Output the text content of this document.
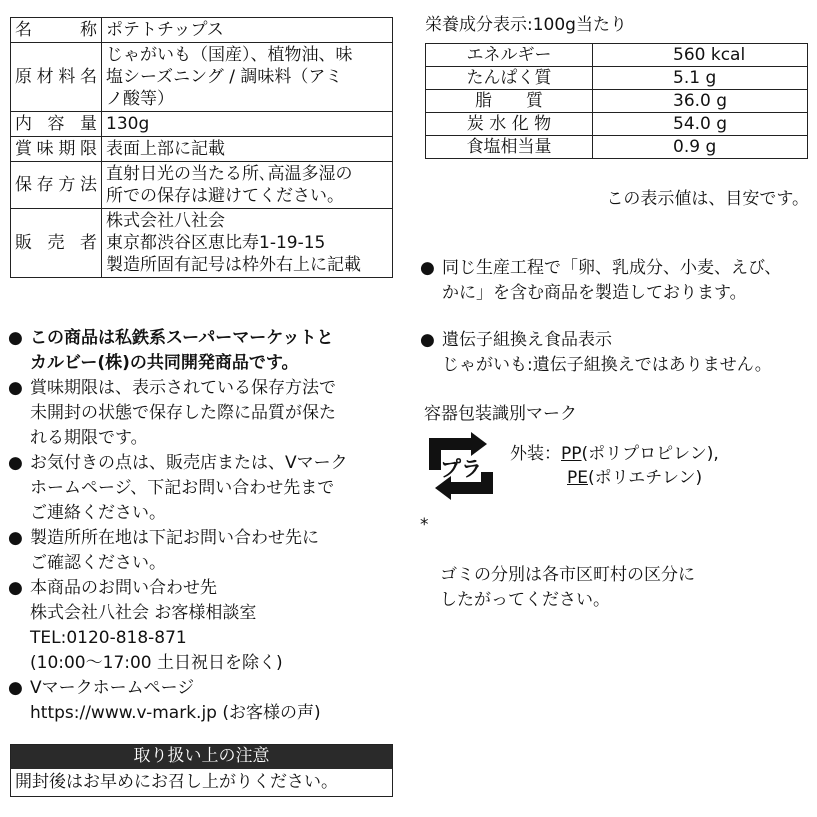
名　称	ポテトチップス
原材料名	じゃがいも（国産）、植物油、味
塩シーズニング / 調味料（アミ
ノ酸等）
内容量	130g
賞味期限	表面上部に記載
保存方法	直射日光の当たる所､高温多湿の
所での保存は避けてください。
販売者	株式会社八社会
東京都渋谷区恵比寿1-19-15
製造所固有記号は枠外右上に記載
● この商品は私鉄系スーパーマーケットと
カルビー(株)の共同開発商品です。
● 賞味期限は、表示されている保存方法で
未開封の状態で保存した際に品質が保た
れる期限です。
● お気付きの点は、販売店または、Vマーク
ホームページ、下記お問い合わせ先まで
ご連絡ください。
● 製造所所在地は下記お問い合わせ先に
ご確認ください。
● 本商品のお問い合わせ先
株式会社八社会 お客様相談室
TEL:0120-818-871
(10:00～17:00 土日祝日を除く)
● Vマークホームページ
https://www.v-mark.jp (お客様の声)
取り扱い上の注意
開封後はお早めにお召し上がりください。
栄養成分表示:100g当たり
エネルギー	560 kcal
たんぱく質	5.1 g
脂　　質	36.0 g
炭 水 化 物	54.0 g
食塩相当量	0.9 g
この表示値は、目安です。
● 同じ生産工程で「卵、乳成分、小麦、えび、
かに」を含む商品を製造しております。
● 遺伝子組換え食品表示
じゃがいも:遺伝子組換えではありません。
容器包装識別マーク
プラ
外装：PP(ポリプロピレン),
PE(ポリエチレン)

*

ゴミの分別は各市区町村の区分に
したがってください。
